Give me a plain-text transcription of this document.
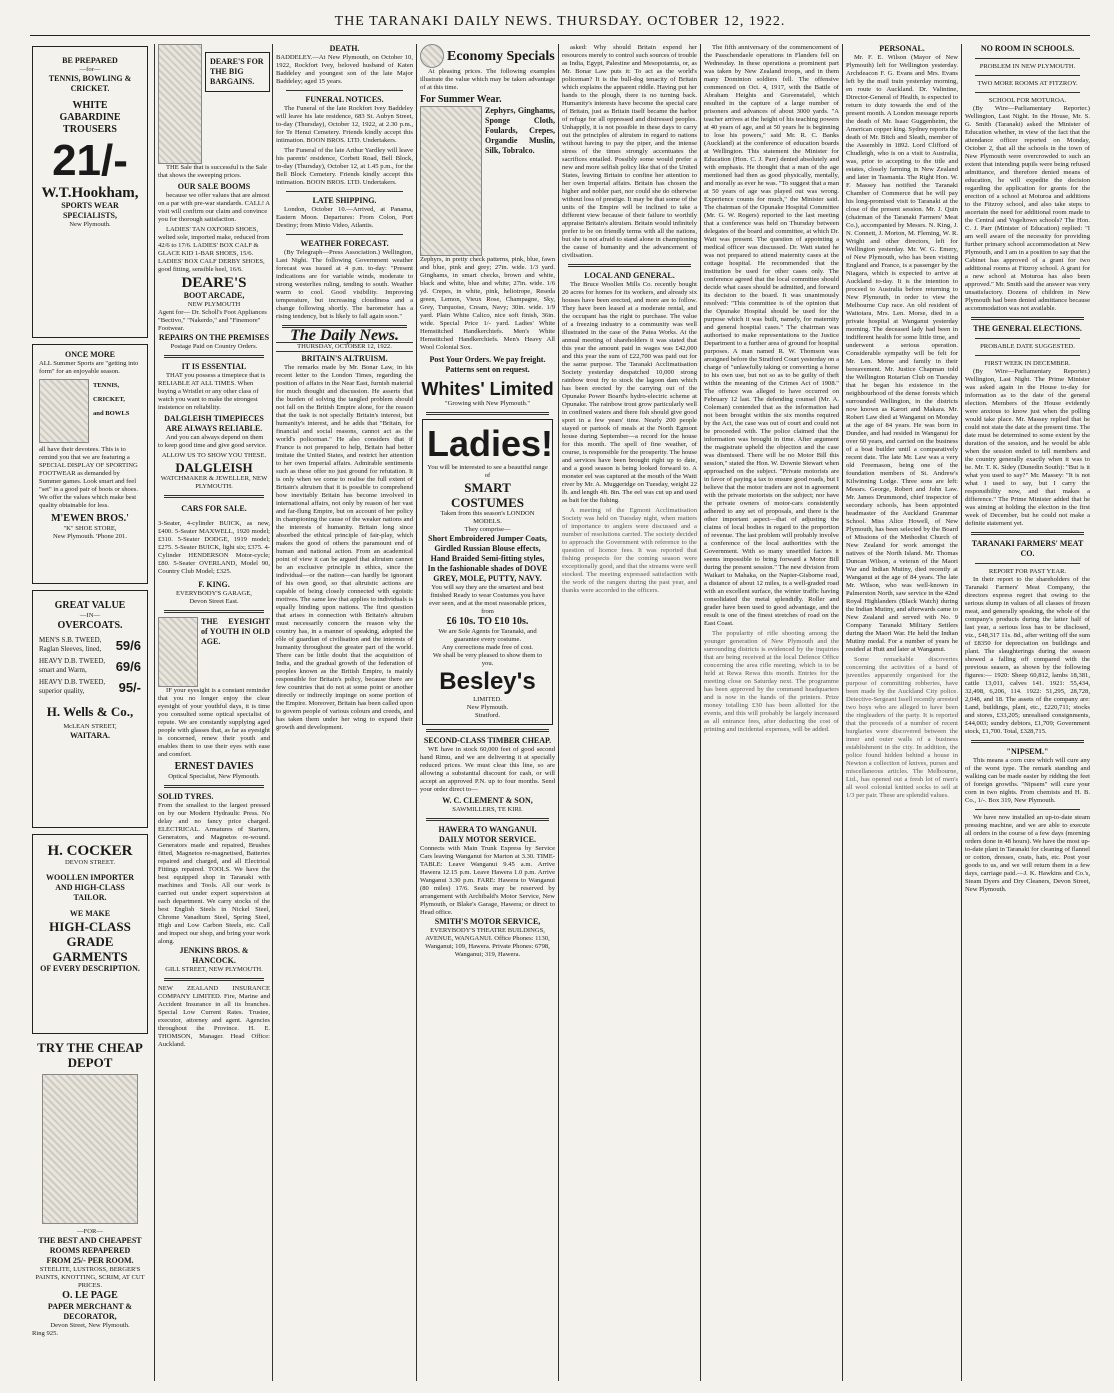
THE TARANAKI DAILY NEWS. THURSDAY. OCTOBER 12, 1922.
BE PREPARED
—for—
TENNIS, BOWLING & CRICKET.
WHITE
GABARDINE
TROUSERS
21/-
W.T.Hookham,
SPORTS WEAR SPECIALISTS,
New Plymouth.
ONCE MORE
ALL Summer Sports are "getting into form" for an enjoyable season.
TENNIS,
CRICKET,
and BOWLS
all have their devotees. This is to remind you that we are featuring a SPECIAL DISPLAY OF SPORTING FOOTWEAR as demanded by Summer games. Look smart and feel "set" in a good pair of boots or shoes. We offer the values which make best quality obtainable for less.
M'EWEN BROS.'
"K" SHOE STORE,
New Plymouth. 'Phone 201.
GREAT VALUE
—IN—
OVERCOATS.
MEN'S S.B. TWEED, Raglan Sleeves, lined,	59/6
HEAVY D.B. TWEED, smart and Warm,	69/6
HEAVY D.B. TWEED, superior quality,	95/-
H. Wells & Co.,
McLEAN STREET,
WAITARA.
H. COCKER
DEVON STREET.
WOOLLEN IMPORTER AND HIGH-CLASS TAILOR.
WE MAKE
HIGH-CLASS
GRADE
GARMENTS
OF EVERY DESCRIPTION.
TRY THE CHEAP DEPOT
—FOR—
THE BEST AND CHEAPEST ROOMS REPAPERED
FROM 25/- PER ROOM.
STEELITE, LUSTROSS, BERGER'S PAINTS, KNOTTING, SCRIM, AT CUT PRICES.
O. LE PAGE
PAPER MERCHANT & DECORATOR,
Devon Street, New Plymouth.
Ring 925.
DEARE'S FOR THE BIG BARGAINS.
THE Sale that is successful is the Sale that shows the sweeping prices.
OUR SALE BOOMS
because we offer values that are almost on a par with pre-war standards. CALL! A visit will confirm our claim and convince you for thorough satisfaction.
LADIES' TAN OXFORD SHOES, welted sole, imported make, reduced from 42/6 to 17/6. LADIES' BOX CALF & GLACE KID 1-BAR SHOES, 15/6. LADIES' BOX CALF DERBY SHOES, good fitting, sensible heel, 16/6.
DEARE'S
BOOT ARCADE,
NEW PLYMOUTH
Agent for— Dr. Scholl's Foot Appliances "Bectivo," "Nakerdo," and "Finemore" Footwear.
REPAIRS ON THE PREMISES
Postage Paid on Country Orders.
IT IS ESSENTIAL
THAT you possess a timepiece that is RELIABLE AT ALL TIMES. When buying a Wristlet or any other class of watch you want to make the strongest insistence on reliability.
DALGLEISH TIMEPIECES ARE ALWAYS RELIABLE.
And you can always depend on them to keep good time and give good service.
ALLOW US TO SHOW YOU THESE.
DALGLEISH
WATCHMAKER & JEWELLER, NEW PLYMOUTH.
CARS FOR SALE.
3-Seater, 4-cylinder BUICK, as new, £400. 5-Seater MAXWELL, 1920 model; £310. 5-Seater DODGE, 1919 model; £275. 5-Seater BUICK, light six; £375. 4-Cylinder HENDERSON Motor-cycle; £80. 5-Seater OVERLAND, Model 90, Country Club Model; £325.
F. KING.
EVERYBODY'S GARAGE,
Devon Street East.
THE EYESIGHT of YOUTH IN OLD AGE.
IF your eyesight is a constant reminder that you no longer enjoy the clear eyesight of your youthful days, it is time you consulted some optical specialist of repute. We are constantly supplying aged people with glasses that, as far as eyesight is concerned, renew their youth and enables them to use their eyes with ease and comfort.
ERNEST DAVIES
Optical Specialist, New Plymouth.
SOLID TYRES.
From the smallest to the largest pressed on by our Modern Hydraulic Press. No delay and no fancy price charged. ELECTRICAL. Armatures of Starters, Generators, and Magnetos re-wound. Generators made and repaired, Brushes fitted, Magnetos re-magnetised, Batteries repaired and charged, and all Electrical Fittings repaired. TOOLS. We have the best equipped shop in Taranaki with machines and Tools. All our work is carried out under expert supervision at each department. We carry stocks of the best English Steels in Nickel Steel, Chrome Vanadium Steel, Spring Steel, High and Low Carbon Steels, etc. Call and inspect our shop, and bring your work along.
JENKINS BROS. & HANCOCK.
GILL STREET, NEW PLYMOUTH.
NEW ZEALAND INSURANCE COMPANY LIMITED. Fire, Marine and Accident Insurance in all its branches. Special Low Current Rates. Trustee, executor, attorney and agent. Agencies throughout the Province. H. E. THOMSON, Manager. Head Office: Auckland.
DEATH.
BADDELEY.—At New Plymouth, on October 10, 1922, Rockfort Ivey, beloved husband of Katen Baddeley and youngest son of the late Major Baddeley; aged 15 years.
FUNERAL NOTICES.
The Funeral of the late Rockfort Ivey Baddeley will leave his late residence, 683 St. Aubyn Street, to-day (Thursday), October 12, 1922, at 2.30 p.m., for Te Henui Cemetery. Friends kindly accept this intimation. BOON BROS. LTD. Undertakers.
The Funeral of the late Arthur Yardley will leave his parents' residence, Corbett Road, Bell Block, to-day (Thursday), October 12, at 1.45 p.m., for the Bell Block Cemetery. Friends kindly accept this intimation. BOON BROS. LTD. Undertakers.
LATE SHIPPING.
London, October 10.—Arrived, at Panama, Eastern Moon. Departures: From Colon, Port Destiny; from Minto Video, Atlantis.
WEATHER FORECAST.
(By Telegraph—Press Association.) Wellington, Last Night. The following Government weather forecast was issued at 4 p.m. to-day: "Present indications are for variable winds, moderate to strong westerlies ruling, tending to south. Weather warm to cool. Good visibility. Improving temperature, but increasing cloudiness and a change following shortly. The barometer has a rising tendency, but is likely to fall again soon."
The Daily News.
THURSDAY, OCTOBER 12, 1922.
BRITAIN'S ALTRUISM.
The remarks made by Mr. Bonar Law, in his recent letter to the London Times, regarding the position of affairs in the Near East, furnish material for much thought and discussion. He asserts that the burden of solving the tangled problem should not fall on the British Empire alone, for the reason that the task is not specially Britain's interest, but humanity's interest, and he adds that "Britain, for financial and social reasons, cannot act as the world's policeman." He also considers that if France is not prepared to help, Britain had better imitate the United States, and restrict her attention to her own Imperial affairs. Admirable sentiments such as these offer no just ground for refutation. It is only when we come to realise the full extent of Britain's altruism that it is possible to comprehend how inevitably Britain has become involved in international affairs, not only by reason of her vast and far-flung Empire, but on account of her policy in championing the cause of the weaker nations and the interests of humanity. Britain long since absorbed the ethical principle of fair-play, which makes the good of others the paramount end of human and national action. From an academical point of view it can be argued that altruism cannot be an exclusive principle in ethics, since the individual—or the nation—can hardly be ignorant of his own good, so that altruistic actions are capable of being closely connected with egoistic motives. The same law that applies to individuals is equally binding upon nations. The first question that arises in connection with Britain's altruism must necessarily concern the reason why the country has, in a manner of speaking, adopted the rôle of guardian of civilisation and the interests of humanity throughout the greater part of the world. There can be little doubt that the acquisition of India, and the gradual growth of the federation of peoples known as the British Empire, is mainly responsible for Britain's policy, because there are few countries that do not at some point or another directly or indirectly impinge on some portion of the Empire. Moreover, Britain has been called upon to govern people of various colours and creeds, and has taken them under her wing to expand their growth and development.
Economy Specials
At pleasing prices. The following examples illustrate the value which may be taken advantage of at this time.
For Summer Wear.
Zephyrs, Ginghams, Sponge Cloth, Foulards, Crepes, Organdie Muslin, Silk, Tobralco.
Zephyrs, in pretty check patterns, pink, blue, fawn and blue, pink and grey; 27in. wide. 1/3 yard. Ginghams, in smart checks, brown and white, black and white, blue and white; 27in. wide. 1/6 yd. Crepes, in white, pink, heliotrope, Reseda green, Lemon, Vieux Rose, Champagne, Sky, Grey, Turquoise, Cream, Navy; 30in. wide. 1/9 yard. Plain White Calico, nice soft finish, 36in. wide. Special Price 1/- yard. Ladies' White Hemstitched Handkerchiefs. Men's White Hemstitched Handkerchiefs. Men's Heavy All Wool Colonial Sox.
Post Your Orders. We pay freight. Patterns sent on request.
Whites' Limited
"Growing with New Plymouth."
Ladies!
You will be interested to see a beautiful range of
SMART COSTUMES
Taken from this season's LONDON MODELS.
They comprise—
Short Embroidered Jumper Coats, Girdled Russian Blouse effects, Hand Braided Semi-fitting styles,
In the fashionable shades of DOVE GREY, MOLE, PUTTY, NAVY.
You will say they are the smartest and best finished Ready to wear Costumes you have ever seen, and at the most reasonable prices, from
£6 10s. TO £10 10s.
We are Sole Agents for Taranaki, and guarantee every costume.
Any corrections made free of cost.
We shall be very pleased to show them to you.
Besley's
LIMITED.
New Plymouth.
Stratford.
SECOND-CLASS TIMBER CHEAP.
WE have in stock 60,000 feet of good second hand Rimu, and we are delivering it at specially reduced prices. We must clear this line, so are allowing a substantial discount for cash, or will accept an approved P.N. up to four months. Send your order direct to—
W. C. CLEMENT & SON,
SAWMILLERS, TE KIRI.
HAWERA TO WANGANUI.
DAILY MOTOR SERVICE.
Connects with Main Trunk Express by Service Cars leaving Wanganui for Marton at 3.30. TIME-TABLE: Leave Wanganui 9.45 a.m. Arrive Hawera 12.15 p.m. Leave Hawera 1.0 p.m. Arrive Wanganui 3.30 p.m. FARE: Hawera to Wanganui (80 miles) 17/6. Seats may be reserved by arrangement with Archibald's Motor Service, New Plymouth, or Blake's Garage, Hawera; or direct to Head office.
SMITH'S MOTOR SERVICE,
EVERYBODY'S THEATRE BUILDINGS, AVENUE, WANGANUI. Office Phones: 1130, Wanganui; 109, Hawera. Private Phones: 6798, Wanganui; 319, Hawera.
asked: Why should Britain expend her resources merely to control such sources of trouble as India, Egypt, Palestine and Mesopotamia, or, as Mr. Bonar Law puts it: To act as the world's policeman? It is the bull-dog tenacity of Britain which explains the apparent riddle. Having put her hands to the plough, there is no turning back. Humanity's interests have become the special care of Britain, just as Britain itself became the harbor of refuge for all oppressed and distressed peoples. Unhappily, it is not possible in these days to carry out the principles of altruism in regard to nations without having to pay the piper, and the intense stress of the times strongly accentuates the sacrifices entailed. Possibly some would prefer a new and more selfish policy like that of the United States, leaving Britain to confine her attention to her own Imperial affairs. Britain has chosen the higher and nobler part, nor could she do otherwise without loss of prestige. It may be that some of the units of the Empire will be inclined to take a different view because of their failure to worthily appraise Britain's altruism. Britain would infinitely prefer to be on friendly terms with all the nations, but she is not afraid to stand alone in championing the cause of humanity and the advancement of civilisation.
LOCAL AND GENERAL.
The Bruce Woollen Mills Co. recently bought 20 acres for homes for its workers, and already six houses have been erected, and more are to follow. They have been leased at a moderate rental, and the occupant has the right to purchase. The value of a freezing industry to a community was well illustrated in the case of the Patea Works. At the annual meeting of shareholders it was stated that this year the amount paid in wages was £42,000 and this year the sum of £22,700 was paid out for the same purpose. The Taranaki Acclimatisation Society yesterday despatched 10,000 strong rainbow trout fry to stock the lagoon dam which has been erected by the carrying out of the Opunake Power Board's hydro-electric scheme at Opunake. The rainbow trout grow particularly well in confined waters and there fish should give good sport in a few years' time. Nearly 200 people stayed or partook of meals at the North Egmont house during September—a record for the house for this month. The spell of fine weather, of course, is responsible for the prosperity. The house and services have been brought right up to date, and a good season is being looked forward to. A monster eel was captured at the mouth of the Waiti river by Mr. A. Muggeridge on Tuesday, weight 22 lb. and length 4ft. 8in. The eel was cut up and used as bait for the fishing.
A meeting of the Egmont Acclimatisation Society was held on Tuesday night, when matters of importance to anglers were discussed and a number of resolutions carried. The society decided to approach the Government with reference to the question of licence fees. It was reported that fishing prospects for the coming season were exceptionally good, and that the streams were well stocked. The meeting expressed satisfaction with the work of the rangers during the past year, and thanks were accorded to the officers.
The fifth anniversary of the commencement of the Passchendaele operations in Flanders fell on Wednesday. In these operations a prominent part was taken by New Zealand troops, and in them many Dominion soldiers fell. The offensive commenced on Oct. 4, 1917, with the Battle of Abraham Heights and Gravenstafel, which resulted in the capture of a large number of prisoners and advances of about 3000 yards. "A teacher arrives at the height of his teaching powers at 40 years of age, and at 50 years he is beginning to lose his powers," said Mr. R. C. Banks (Auckland) at the conference of education boards at Wellington. This statement the Minister for Education (Hon. C. J. Parr) denied absolutely and with emphasis. He thought that a man of the age mentioned had then as good physically, mentally, and morally as ever he was. "To suggest that a man at 50 years of age was played out was wrong. Experience counts for much," the Minister said. The chairman of the Opunake Hospital Committee (Mr. G. W. Rogers) reported to the last meeting that a conference was held on Thursday between delegates of the board and committee, at which Dr. Watt was present. The question of appointing a medical officer was discussed. Dr. Watt stated he was not prepared to attend maternity cases at the cottage hospital. He recommended that the institution be used for other cases only. The conference agreed that the local committee should decide what cases should be admitted, and forward its decision to the board. It was unanimously resolved: "This committee is of the opinion that the Opunake Hospital should be used for the purpose which it was built, namely, for maternity and general hospital cases." The chairman was authorised to make representations to the Justice Department to a further area of ground for hospital purposes. A man named R. W. Thomson was arraigned before the Stratford Court yesterday on a charge of "unlawfully taking or converting a horse to his own use, but not so as to be guilty of theft within the meaning of the Crimes Act of 1908." The offence was alleged to have occurred on February 12 last. The defending counsel (Mr. A. Coleman) contended that as the information had not been brought within the six months required by the Act, the case was out of court and could not be proceeded with. The police claimed that the information was brought in time. After argument the magistrate upheld the objection and the case was dismissed. There will be no Motor Bill this session," stated the Hon. W. Downie Stewart when approached on the subject. "Private motorists are in favor of paying a tax to ensure good roads, but I believe that the motor traders are not in agreement with the private motorists on the subject; nor have the private owners of motor-cars consistently adhered to any set of proposals, and there is the other important aspect—that of adjusting the claims of local bodies in regard to the proportion of revenue. The last problem will probably involve a conference of the local authorities with the Government. With so many unsettled factors it seems impossible to bring forward a Motor Bill during the present session." The new division from Waikari to Mahaka, on the Napier-Gisborne road, a distance of about 12 miles, is a well-graded road with an excellent surface, the winter traffic having consolidated the metal splendidly. Roller and grader have been used to good advantage, and the result is one of the finest stretches of road on the East Coast.
The popularity of rifle shooting among the younger generation of New Plymouth and the surrounding districts is evidenced by the inquiries that are being received at the local Defence Office concerning the area rifle meeting, which is to be held at Rewa Rewa this month. Entries for the meeting close on Saturday next. The programme has been approved by the command headquarters and is now in the hands of the printers. Prize money totalling £30 has been allotted for the events, and this will probably be largely increased as all entrance fees, after deducting the cost of printing and incidental expenses, will be added.
PERSONAL.
Mr. F. E. Wilson (Mayor of New Plymouth) left for Wellington yesterday. Archdeacon F. G. Evans and Mrs. Evans left by the mail train yesterday morning, en route to Auckland. Dr. Valintine, Director-General of Health, is expected to return to duty towards the end of the present month. A London message reports the death of Mr. Isaac Guggenheim, the American copper king. Sydney reports the death of Mr. Bitch and Sleath, member of the Assembly in 1892. Lord Clifford of Chudleigh, who is on a visit to Australia, was, prior to accepting to the title and estates, closely farming in New Zealand and later in Tasmania. The Right Hon. W. F. Massey has notified the Taranaki Chamber of Commerce that he will pay his long-promised visit to Taranaki at the close of the present session. Mr. J. Quin (chairman of the Taranaki Farmers' Meat Co.), accompanied by Messrs. N. King, J. N. Connett, J. Morton, M. Fleming, W. R. Wright and other directors, left for Wellington yesterday. Mr. W. G. Emery, of New Plymouth, who has been visiting England and France, is a passenger by the Niagara, which is expected to arrive at Auckland to-day. It is the intention to proceed to Australia before returning to New Plymouth, in order to view the Melbourne Cup race. An old resident of Waitotara, Mrs. Len. Morse, died in a private hospital at Wanganui yesterday morning. The deceased lady had been in indifferent health for some little time, and underwent a serious operation. Considerable sympathy will be felt for Mr. Len. Morse and family in their bereavement. Mr. Justice Chapman told the Wellington Rotarian Club on Tuesday that he began his existence in the neighbourhood of the dense forests which surrounded Wellington, in the districts now known as Karori and Makara. Mr. Robert Law died at Wanganui on Monday at the age of 84 years. He was born in Dundee, and had resided in Wanganui for over 60 years, and carried on the business of a boat builder until a comparatively recent date. The late Mr. Law was a very old Freemason, being one of the foundation members of St. Andrew's Kilwinning Lodge. Three sons are left: Messrs. George, Robert and John Law. Mr. James Drummond, chief inspector of secondary schools, has been appointed headmaster of the Auckland Grammar School. Miss Alice Howell, of New Plymouth, has been selected by the Board of Missions of the Methodist Church of New Zealand for work amongst the natives of the North Island. Mr. Thomas Duncan Wilson, a veteran of the Maori War and Indian Mutiny, died recently at Wanganui at the age of 84 years. The late Mr. Wilson, who was well-known in Palmerston North, saw service in the 42nd Royal Highlanders (Black Watch) during the Indian Mutiny, and afterwards came to New Zealand and served with No. 9 Company Taranaki Military Settlers during the Maori War. He held the Indian Mutiny medal. For a number of years he resided at Hutt and later at Wanganui.
Some remarkable discoveries concerning the activities of a band of juveniles apparently organised for the purpose of committing robberies, have been made by the Auckland City police. Detective-Sergeant Issell recently arrested two boys who are alleged to have been the ringleaders of the party. It is reported that the proceeds of a number of recent burglaries were discovered between the inner and outer walls of a business establishment in the city. In addition, the police found hidden behind a house in Newton a collection of knives, purses and miscellaneous articles. The Melbourne, Ltd., has opened out a fresh lot of men's all wool colonial knitted socks to sell at 1/3 per pair. These are splendid values.
NO ROOM IN SCHOOLS.
PROBLEM IN NEW PLYMOUTH.
TWO MORE ROOMS AT FITZROY.
SCHOOL FOR MOTUROA.
(By Wire—Parliamentary Reporter.) Wellington, Last Night. In the House, Mr. S. G. Smith (Taranaki) asked the Minister of Education whether, in view of the fact that the attendance officer reported on Monday, October 2, that all the schools in the town of New Plymouth were overcrowded to such an extent that intending pupils were being refused admittance, and therefore denied means of education, he will expedite the decision regarding the application for grants for the erection of a school at Moturoa and additions to the Fitzroy school, and also take steps to ascertain the need for additional room made to the Central and Vogeltown schools? The Hon. C. J. Parr (Minister of Education) replied: "I am well aware of the necessity for providing further primary school accommodation at New Plymouth, and I am in a position to say that the Cabinet has approved of a grant for two additional rooms at Fitzroy school. A grant for a new school at Moturoa has also been approved." Mr. Smith said the answer was very unsatisfactory. Dozens of children in New Plymouth had been denied admittance because accommodation was not available.
THE GENERAL ELECTIONS.
PROBABLE DATE SUGGESTED.
FIRST WEEK IN DECEMBER.
(By Wire—Parliamentary Reporter.) Wellington, Last Night. The Prime Minister was asked again in the House to-day for information as to the date of the general election. Members of the House evidently were anxious to know just when the polling would take place. Mr. Massey replied that he could not state the date at the present time. The date must be determined to some extent by the duration of the session, and he would be able when the session ended to tell members and the country generally exactly when it was to be. Mr. T. K. Sidey (Dunedin South): "But is it what you used to say?" Mr. Massey: "It is not what I used to say, but I carry the responsibility now, and that makes a difference." The Prime Minister added that he was aiming at holding the election in the first week of December, but he could not make a definite statement yet.
TARANAKI FARMERS' MEAT CO.
REPORT FOR PAST YEAR.
In their report to the shareholders of the Taranaki Farmers' Meat Company, the directors express regret that owing to the serious slump in values of all classes of frozen meat, and generally speaking, the whole of the company's products during the latter half of last year, a serious loss has to be disclosed, viz., £48,317 11s. 8d., after writing off the sum of £8350 for depreciation on buildings and plant. The slaughterings during the season showed a falling off compared with the previous season, as shown by the following figures:— 1920: Sheep 60,812, lambs 18,381, cattle 13,011, calves 141. 1921: 55,434, 32,498, 6,206, 114. 1922: 51,295, 28,728, 2,048, and 18. The assets of the company are: Land, buildings, plant, etc., £220,711; stocks and stores, £33,205; unrealised consignments, £44,003; sundry debtors, £1,709; Government stock, £1,700. Total, £328,715.
"NIPSEM."
This means a corn cure which will cure any of the worst type. The remark standing and walking can be made easier by ridding the feet of foreign growths. "Nipsem" will cure your corn in two nights. From chemists and H. B. Co., 1/-. Box 319, New Plymouth.
We have now installed an up-to-date steam pressing machine, and we are able to execute all orders in the course of a few days (morning orders done in 48 hours). We have the most up-to-date plant in Taranaki for cleaning of flannel or cotton, dresses, coats, hats, etc. Post your goods to us, and we will return them in a few days, carriage paid.—J. K. Hawkins and Co.'s, Steam Dyers and Dry Cleaners, Devon Street, New Plymouth.
